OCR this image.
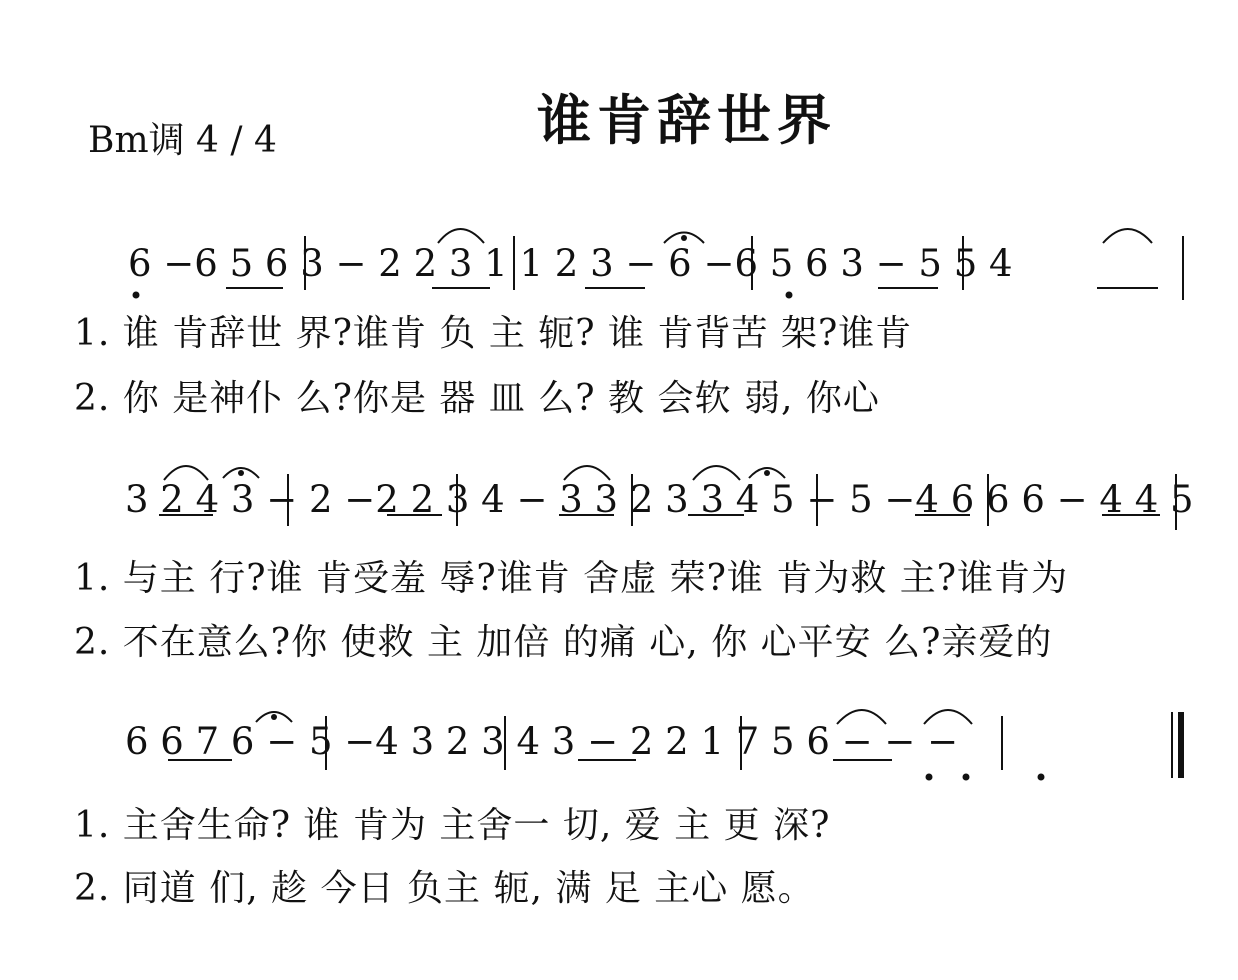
谁肯辞世界
Bm调 4 / 4
6 −6 5 6 3 − 2 2 3 1 1 2 3 − 6 −6 5 6 3 − 5 5 4
1. 谁 肯辞世 界?谁肯 负 主 轭? 谁 肯背苦 架?谁肯
2. 你 是神仆 么?你是 器 皿 么? 教 会软 弱, 你心
3 2 4 3 − 2 −2 2 3 4 − 3 3 2 3 3 4 5 − 5 −4 6 6 6 − 4 4 5
1. 与主 行?谁 肯受羞 辱?谁肯 舍虚 荣?谁 肯为救 主?谁肯为
2. 不在意么?你 使救 主 加倍 的痛 心, 你 心平安 么?亲爱的
6 6 7 6 − 5 −4 3 2 3 4 3 − 2 2 1 7 5 6 − − −
1. 主舍生命? 谁 肯为 主舍一 切, 爱 主 更 深?
2. 同道 们, 趁 今日 负主 轭, 满 足 主心 愿。
